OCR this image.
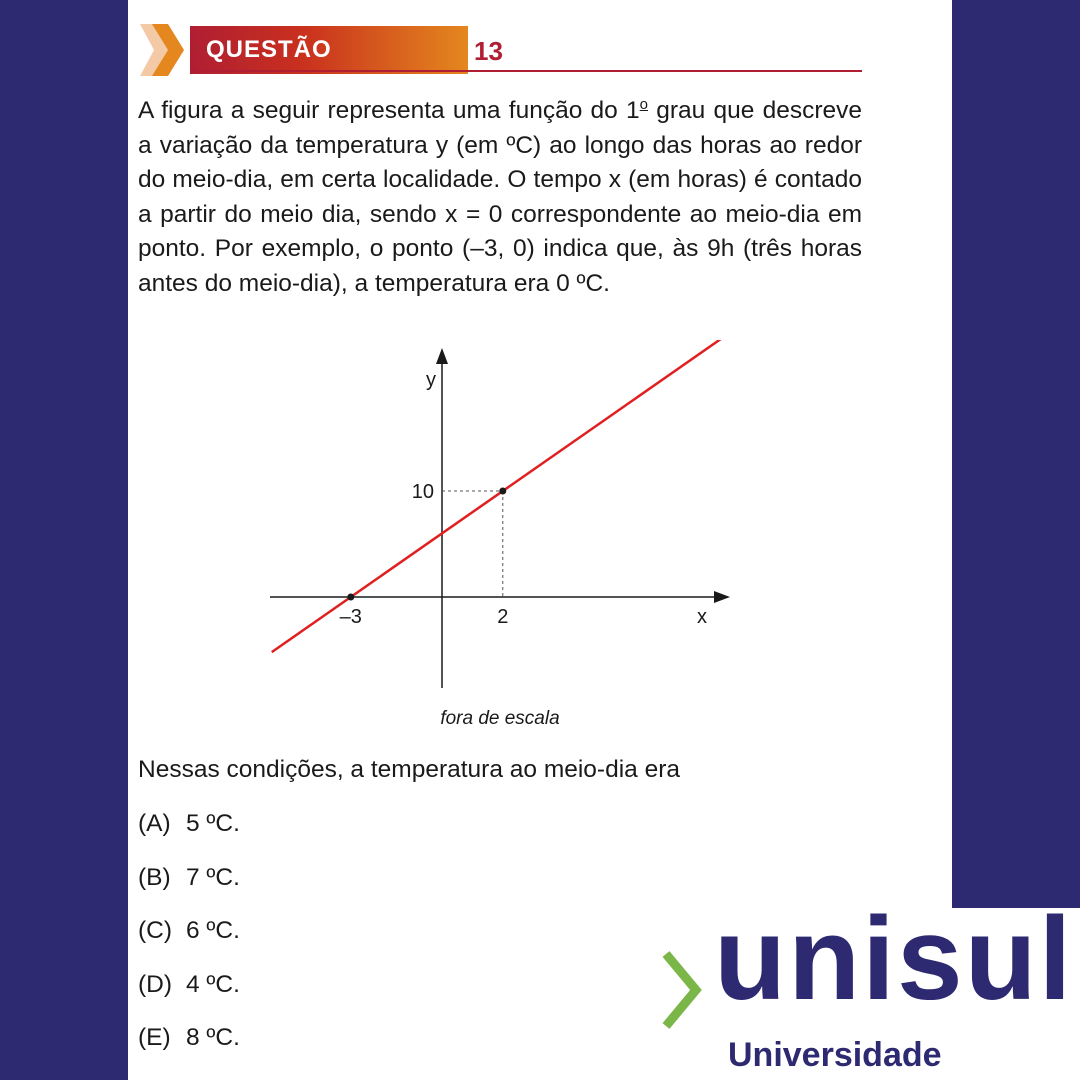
QUESTÃO	13

A figura a seguir representa uma função do 1$^o$ grau que descreve a variação da temperatura y (em ºC) ao longo das horas ao redor do meio-dia, em certa localidade. O tempo x (em horas) é contado a partir do meio dia, sendo x = 0 correspondente ao meio-dia em ponto. Por exemplo, o ponto (–3, 0) indica que, às 9h (três horas antes do meio-dia), a temperatura era 0 ºC.

x
y
–3	2
10
fora de escala

Nessas condições, a temperatura ao meio-dia era

(A) 5 ºC.
(B) 7 ºC.
(C) 6 ºC.
(D) 4 ºC.
(E) 8 ºC.
unisul
Universidade
